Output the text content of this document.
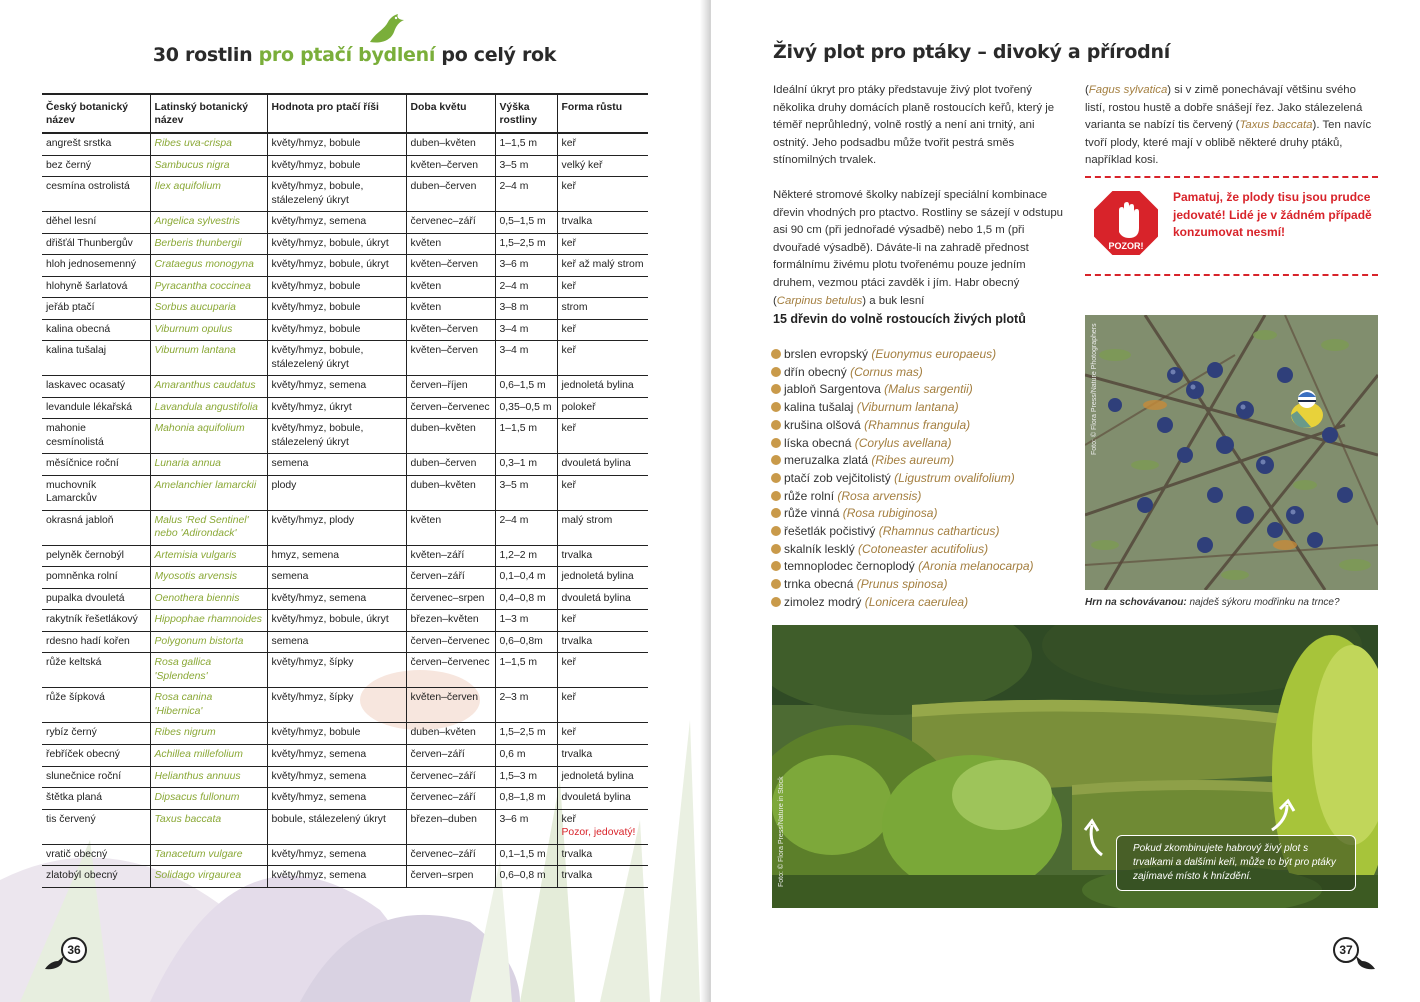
30 rostlin pro ptačí bydlení po celý rok
Český botanický název	Latinský botanický název	Hodnota pro ptačí říši	Doba květu	Výška rostliny	Forma růstu
angrešt srstka	Ribes uva-crispa	květy/hmyz, bobule	duben–květen	1–1,5 m	keř
bez černý	Sambucus nigra	květy/hmyz, bobule	květen–červen	3–5 m	velký keř
cesmína ostrolistá	Ilex aquifolium	květy/hmyz, bobule, stálezelený úkryt	duben–červen	2–4 m	keř
děhel lesní	Angelica sylvestris	květy/hmyz, semena	červenec–září	0,5–1,5 m	trvalka
dřišťál Thunbergův	Berberis thunbergii	květy/hmyz, bobule, úkryt	květen	1,5–2,5 m	keř
hloh jednosemenný	Crataegus monogyna	květy/hmyz, bobule, úkryt	květen–červen	3–6 m	keř až malý strom
hlohyně šarlatová	Pyracantha coccinea	květy/hmyz, bobule	květen	2–4 m	keř
jeřáb ptačí	Sorbus aucuparia	květy/hmyz, bobule	květen	3–8 m	strom
kalina obecná	Viburnum opulus	květy/hmyz, bobule	květen–červen	3–4 m	keř
kalina tušalaj	Viburnum lantana	květy/hmyz, bobule, stálezelený úkryt	květen–červen	3–4 m	keř
laskavec ocasatý	Amaranthus caudatus	květy/hmyz, semena	červen–říjen	0,6–1,5 m	jednoletá bylina
levandule lékařská	Lavandula angustifolia	květy/hmyz, úkryt	červen–červenec	0,35–0,5 m	polokeř
mahonie cesmínolistá	Mahonia aquifolium	květy/hmyz, bobule, stálezelený úkryt	duben–květen	1–1,5 m	keř
měsíčnice roční	Lunaria annua	semena	duben–červen	0,3–1 m	dvouletá bylina
muchovník Lamarckův	Amelanchier lamarckii	plody	duben–květen	3–5 m	keř
okrasná jabloň	Malus 'Red Sentinel' nebo 'Adirondack'	květy/hmyz, plody	květen	2–4 m	malý strom
pelyněk černobýl	Artemisia vulgaris	hmyz, semena	květen–září	1,2–2 m	trvalka
pomněnka rolní	Myosotis arvensis	semena	červen–září	0,1–0,4 m	jednoletá bylina
pupalka dvouletá	Oenothera biennis	květy/hmyz, semena	červenec–srpen	0,4–0,8 m	dvouletá bylina
rakytník řešetlákový	Hippophae rhamnoides	květy/hmyz, bobule, úkryt	březen–květen	1–3 m	keř
rdesno hadí kořen	Polygonum bistorta	semena	červen–červenec	0,6–0,8m	trvalka
růže keltská	Rosa gallica 'Splendens'	květy/hmyz, šípky	červen–červenec	1–1,5 m	keř
růže šípková	Rosa canina 'Hibernica'	květy/hmyz, šípky	květen–červen	2–3 m	keř
rybíz černý	Ribes nigrum	květy/hmyz, bobule	duben–květen	1,5–2,5 m	keř
řebříček obecný	Achillea millefolium	květy/hmyz, semena	červen–září	0,6 m	trvalka
slunečnice roční	Helianthus annuus	květy/hmyz, semena	červenec–září	1,5–3 m	jednoletá bylina
štětka planá	Dipsacus fullonum	květy/hmyz, semena	červenec–září	0,8–1,8 m	dvouletá bylina
tis červený	Taxus baccata	bobule, stálezelený úkryt	březen–duben	3–6 m	keř
Pozor, jedovatý!

vratič obecný	Tanacetum vulgare	květy/hmyz, semena	červenec–září	0,1–1,5 m	trvalka
zlatobýl obecný	Solidago virgaurea	květy/hmyz, semena	červen–srpen	0,6–0,8 m	trvalka
36
Živý plot pro ptáky – divoký a přírodní

Ideální úkryt pro ptáky představuje živý plot tvořený několika druhy domácích planě rostoucích keřů, který je téměř neprůhledný, volně rostlý a není ani trnitý, ani ostnitý. Jeho podsadbu může tvořit pestrá směs stínomilných trvalek.

Některé stromové školky nabízejí speciální kombinace dřevin vhodných pro ptactvo. Rostliny se sázejí v odstupu asi 90 cm (při jednořadé výsadbě) nebo 1,5 m (při dvouřadé výsadbě). Dáváte-li na zahradě přednost formálnímu živému plotu tvořenému pouze jedním druhem, vezmou ptáci zavděk i jím. Habr obecný (Carpinus betulus) a buk lesní

(Fagus sylvatica) si v zimě ponechávají většinu svého listí, rostou hustě a dobře snášejí řez. Jako stálezelená varianta se nabízí tis červený (Taxus baccata). Ten navíc tvoří plody, které mají v oblibě některé druhy ptáků, například kosi.

POZOR!
Pamatuj, že plody tisu jsou prudce jedovaté! Lidé je v žádném případě konzumovat nesmí!
15 dřevin do volně rostoucích živých plotů
brslen evropský (Euonymus europaeus)
dřín obecný (Cornus mas)
jabloň Sargentova (Malus sargentii)
kalina tušalaj (Viburnum lantana)
krušina olšová (Rhamnus frangula)
líska obecná (Corylus avellana)
meruzalka zlatá (Ribes aureum)
ptačí zob vejčitolistý (Ligustrum ovalifolium)
růže rolní (Rosa arvensis)
růže vinná (Rosa rubiginosa)
řešetlák počistivý (Rhamnus catharticus)
skalník lesklý (Cotoneaster acutifolius)
temnoplodec černoplodý (Aronia melanocarpa)
trnka obecná (Prunus spinosa)
zimolez modrý (Lonicera caerulea)
Foto: © Flora Press/Nature Photographers
Hrn na schovávanou: najdeš sýkoru modřinku na trnce?
Foto: © Flora Press/Nature in Stock	Pokud zkombinujete habrový živý plot s trvalkami a dalšími keři, může to být pro ptáky zajímavé místo k hnízdění.
37
